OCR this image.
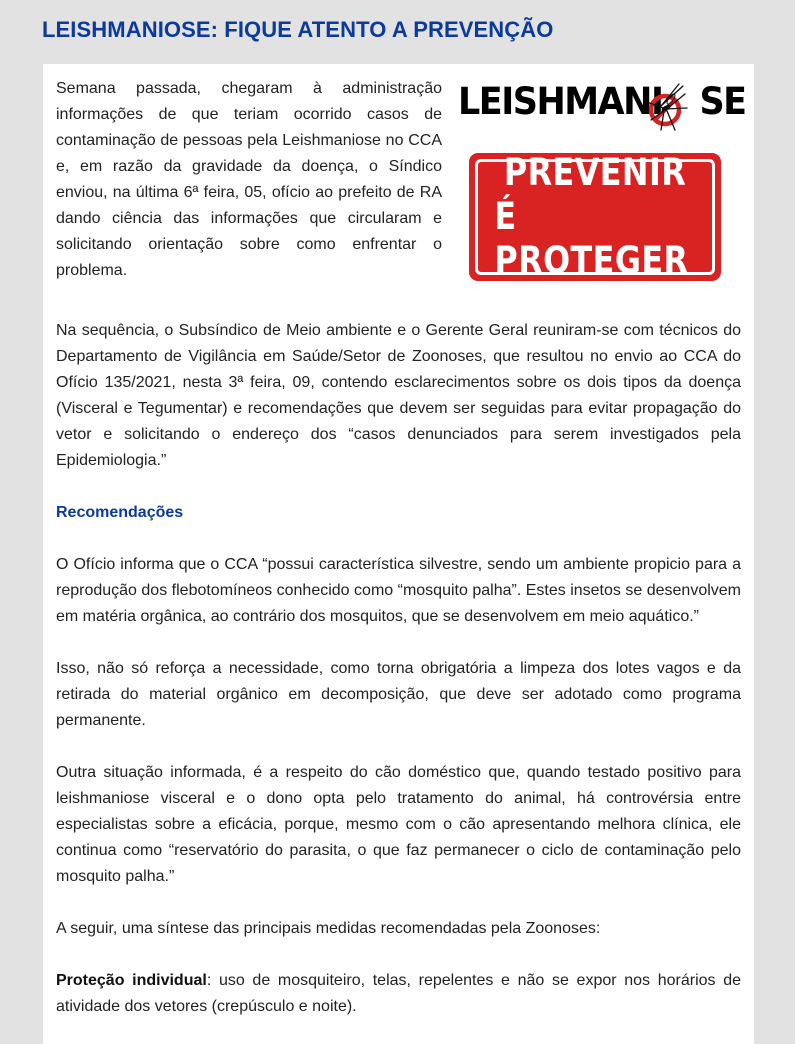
LEISHMANIOSE: FIQUE ATENTO A PREVENÇÃO

Semana passada, chegaram à administração informações de que teriam ocorrido casos de contaminação de pessoas pela Leishmaniose no CCA e, em razão da gravidade da doença, o Síndico enviou, na última 6ª feira, 05, ofício ao prefeito de RA dando ciência das informações que circularam e solicitando orientação sobre como enfrentar o problema.

LEISHMANI SE
PREVENIR
É PROTEGER

Na sequência, o Subsíndico de Meio ambiente e o Gerente Geral reuniram-se com técnicos do Departamento de Vigilância em Saúde/Setor de Zoonoses, que resultou no envio ao CCA do Ofício 135/2021, nesta 3ª feira, 09, contendo esclarecimentos sobre os dois tipos da doença (Visceral e Tegumentar) e recomendações que devem ser seguidas para evitar propagação do vetor e solicitando o endereço dos “casos denunciados para serem investigados pela Epidemiologia.”

Recomendações

O Ofício informa que o CCA “possui característica silvestre, sendo um ambiente propicio para a reprodução dos flebotomíneos conhecido como “mosquito palha”. Estes insetos se desenvolvem em matéria orgânica, ao contrário dos mosquitos, que se desenvolvem em meio aquático.”

Isso, não só reforça a necessidade, como torna obrigatória a limpeza dos lotes vagos e da retirada do material orgânico em decomposição, que deve ser adotado como programa permanente.

Outra situação informada, é a respeito do cão doméstico que, quando testado positivo para leishmaniose visceral e o dono opta pelo tratamento do animal, há controvérsia entre especialistas sobre a eficácia, porque, mesmo com o cão apresentando melhora clínica, ele continua como “reservatório do parasita, o que faz permanecer o ciclo de contaminação pelo mosquito palha.”

A seguir, uma síntese das principais medidas recomendadas pela Zoonoses:

Proteção individual: uso de mosquiteiro, telas, repelentes e não se expor nos horários de atividade dos vetores (crepúsculo e noite).
